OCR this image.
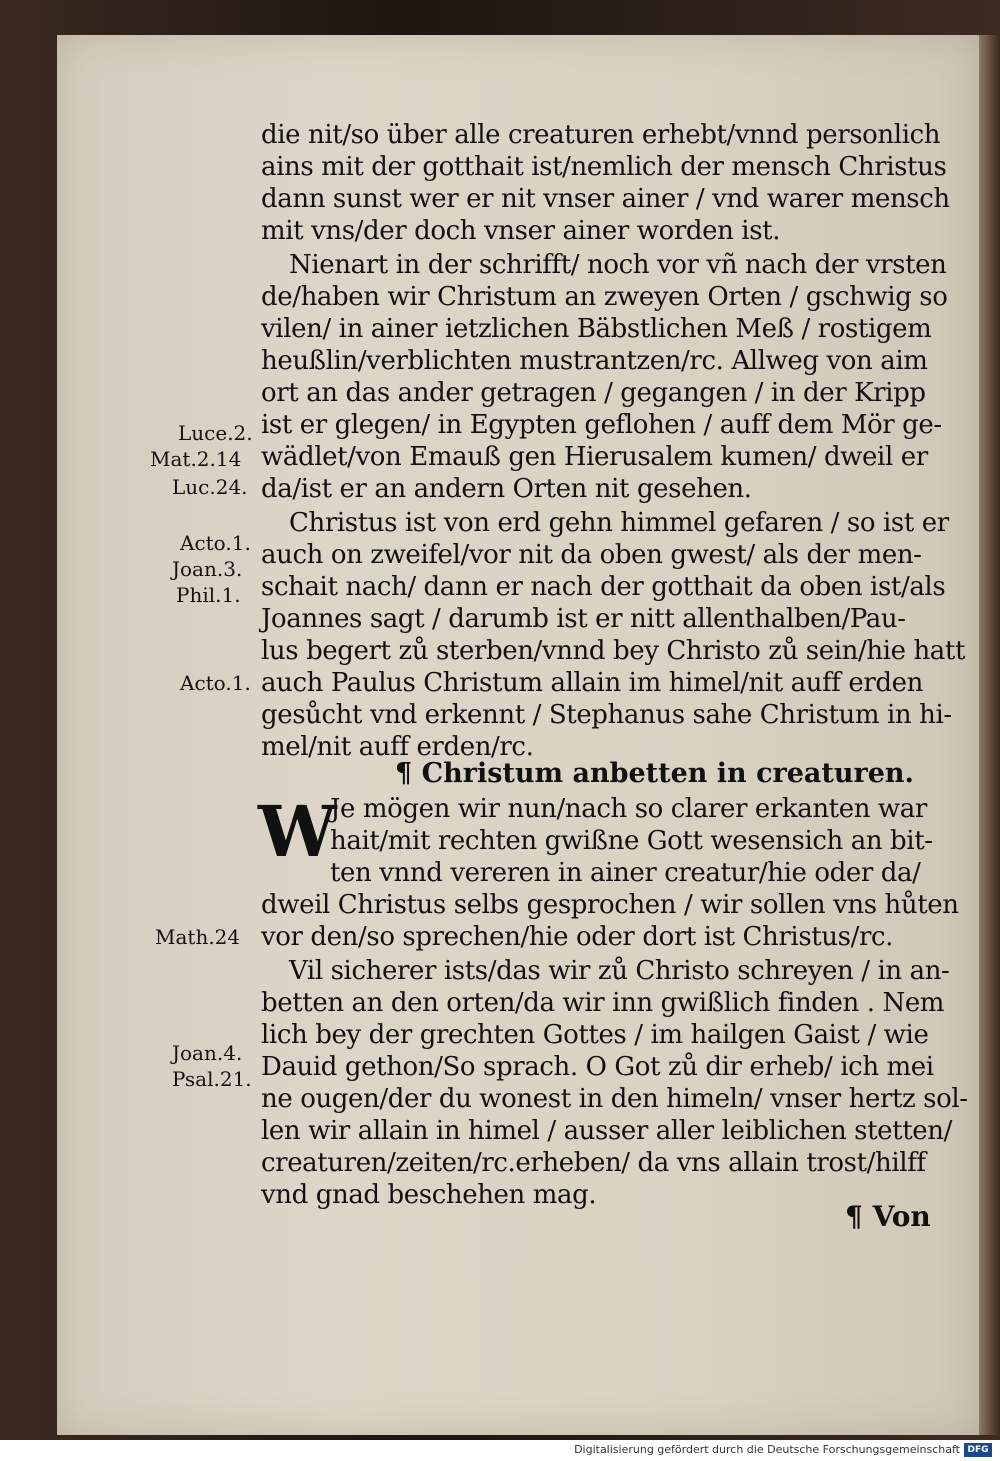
die nit/so über alle creaturen erhebt/vnnd personlich
ains mit der gotthait ist/nemlich der mensch Christus
dann sunst wer er nit vnser ainer / vnd warer mensch
mit vns/der doch vnser ainer worden ist.
Nienart in der schrifft/ noch vor vñ nach der vrsten
de/haben wir Christum an zweyen Orten / gschwig so
vilen/ in ainer ietzlichen Bäbstlichen Meß / rostigem
heußlin/verblichten mustrantzen/rc. Allweg von aim
ort an das ander getragen / gegangen / in der Kripp
ist er glegen/ in Egypten geflohen / auff dem Mör ge-
wädlet/von Emauß gen Hierusalem kumen/ dweil er
da/ist er an andern Orten nit gesehen.
Christus ist von erd gehn himmel gefaren / so ist er
auch on zweifel/vor nit da oben gwest/ als der men-
schait nach/ dann er nach der gotthait da oben ist/als
Joannes sagt / darumb ist er nitt allenthalben/Pau-
lus begert zů sterben/vnnd bey Christo zů sein/hie hatt
auch Paulus Christum allain im himel/nit auff erden
gesůcht vnd erkennt / Stephanus sahe Christum in hi-
mel/nit auff erden/rc.
¶ Christum anbetten in creaturen.
W
Je mögen wir nun/nach so clarer erkanten war
hait/mit rechten gwißne Gott wesensich an bit-
ten vnnd vereren in ainer creatur/hie oder da/
dweil Christus selbs gesprochen / wir sollen vns hůten
vor den/so sprechen/hie oder dort ist Christus/rc.
Vil sicherer ists/das wir zů Christo schreyen / in an-
betten an den orten/da wir inn gwißlich finden . Nem
lich bey der grechten Gottes / im hailgen Gaist / wie
Dauid gethon/So sprach. O Got zů dir erheb/ ich mei
ne ougen/der du wonest in den himeln/ vnser hertz sol-
len wir allain in himel / ausser aller leiblichen stetten/
creaturen/zeiten/rc.erheben/ da vns allain trost/hilff
vnd gnad beschehen mag.
¶ Von
Luce.2.
Mat.2.14
Luc.24.
Acto.1.
Joan.3.
Phil.1.
Acto.1.
Math.24
Joan.4.
Psal.21.
Digitalisierung gefördert durch die Deutsche Forschungsgemeinschaft DFG
